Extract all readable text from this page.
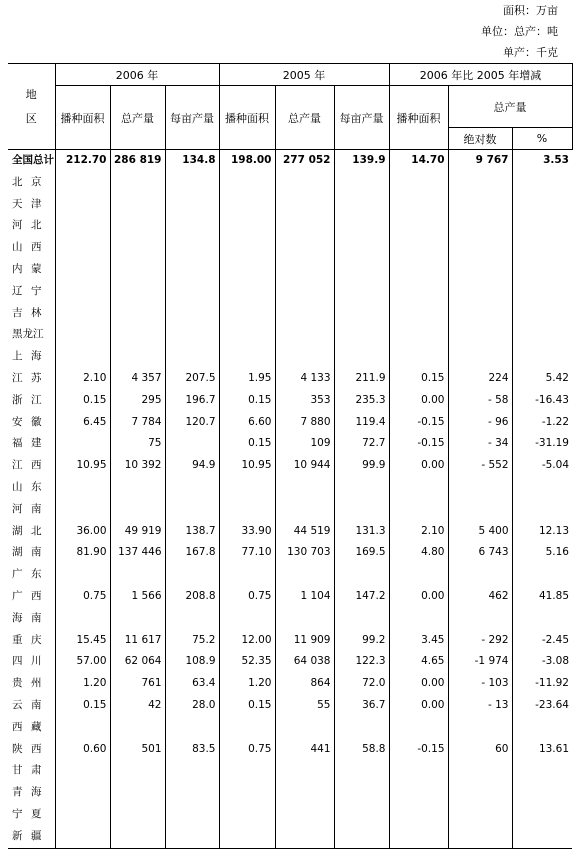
面积：万亩
单位：总产：吨
单产：千克
地
区	2006 年			2005 年			2006 年比 2005 年增减		
	播种面积	总产量	每亩产量	播种面积	总产量	每亩产量	播种面积	总产量	
								绝对数	%
全国总计	212.70	286 819	134.8	198.00	277 052	139.9	14.70	9 767	3.53
北 京									
天 津									
河 北									
山 西									
内 蒙									
辽 宁									
吉 林									
黑龙江									
上 海									
江 苏	2.10	4 357	207.5	1.95	4 133	211.9	0.15	224	5.42
浙 江	0.15	295	196.7	0.15	353	235.3	0.00	- 58	-16.43
安 徽	6.45	7 784	120.7	6.60	7 880	119.4	-0.15	- 96	-1.22
福 建		75		0.15	109	72.7	-0.15	- 34	-31.19
江 西	10.95	10 392	94.9	10.95	10 944	99.9	0.00	- 552	-5.04
山 东									
河 南									
湖 北	36.00	49 919	138.7	33.90	44 519	131.3	2.10	5 400	12.13
湖 南	81.90	137 446	167.8	77.10	130 703	169.5	4.80	6 743	5.16
广 东									
广 西	0.75	1 566	208.8	0.75	1 104	147.2	0.00	462	41.85
海 南									
重 庆	15.45	11 617	75.2	12.00	11 909	99.2	3.45	- 292	-2.45
四 川	57.00	62 064	108.9	52.35	64 038	122.3	4.65	-1 974	-3.08
贵 州	1.20	761	63.4	1.20	864	72.0	0.00	- 103	-11.92
云 南	0.15	42	28.0	0.15	55	36.7	0.00	- 13	-23.64
西 藏									
陕 西	0.60	501	83.5	0.75	441	58.8	-0.15	60	13.61
甘 肃									
青 海									
宁 夏									
新 疆									
